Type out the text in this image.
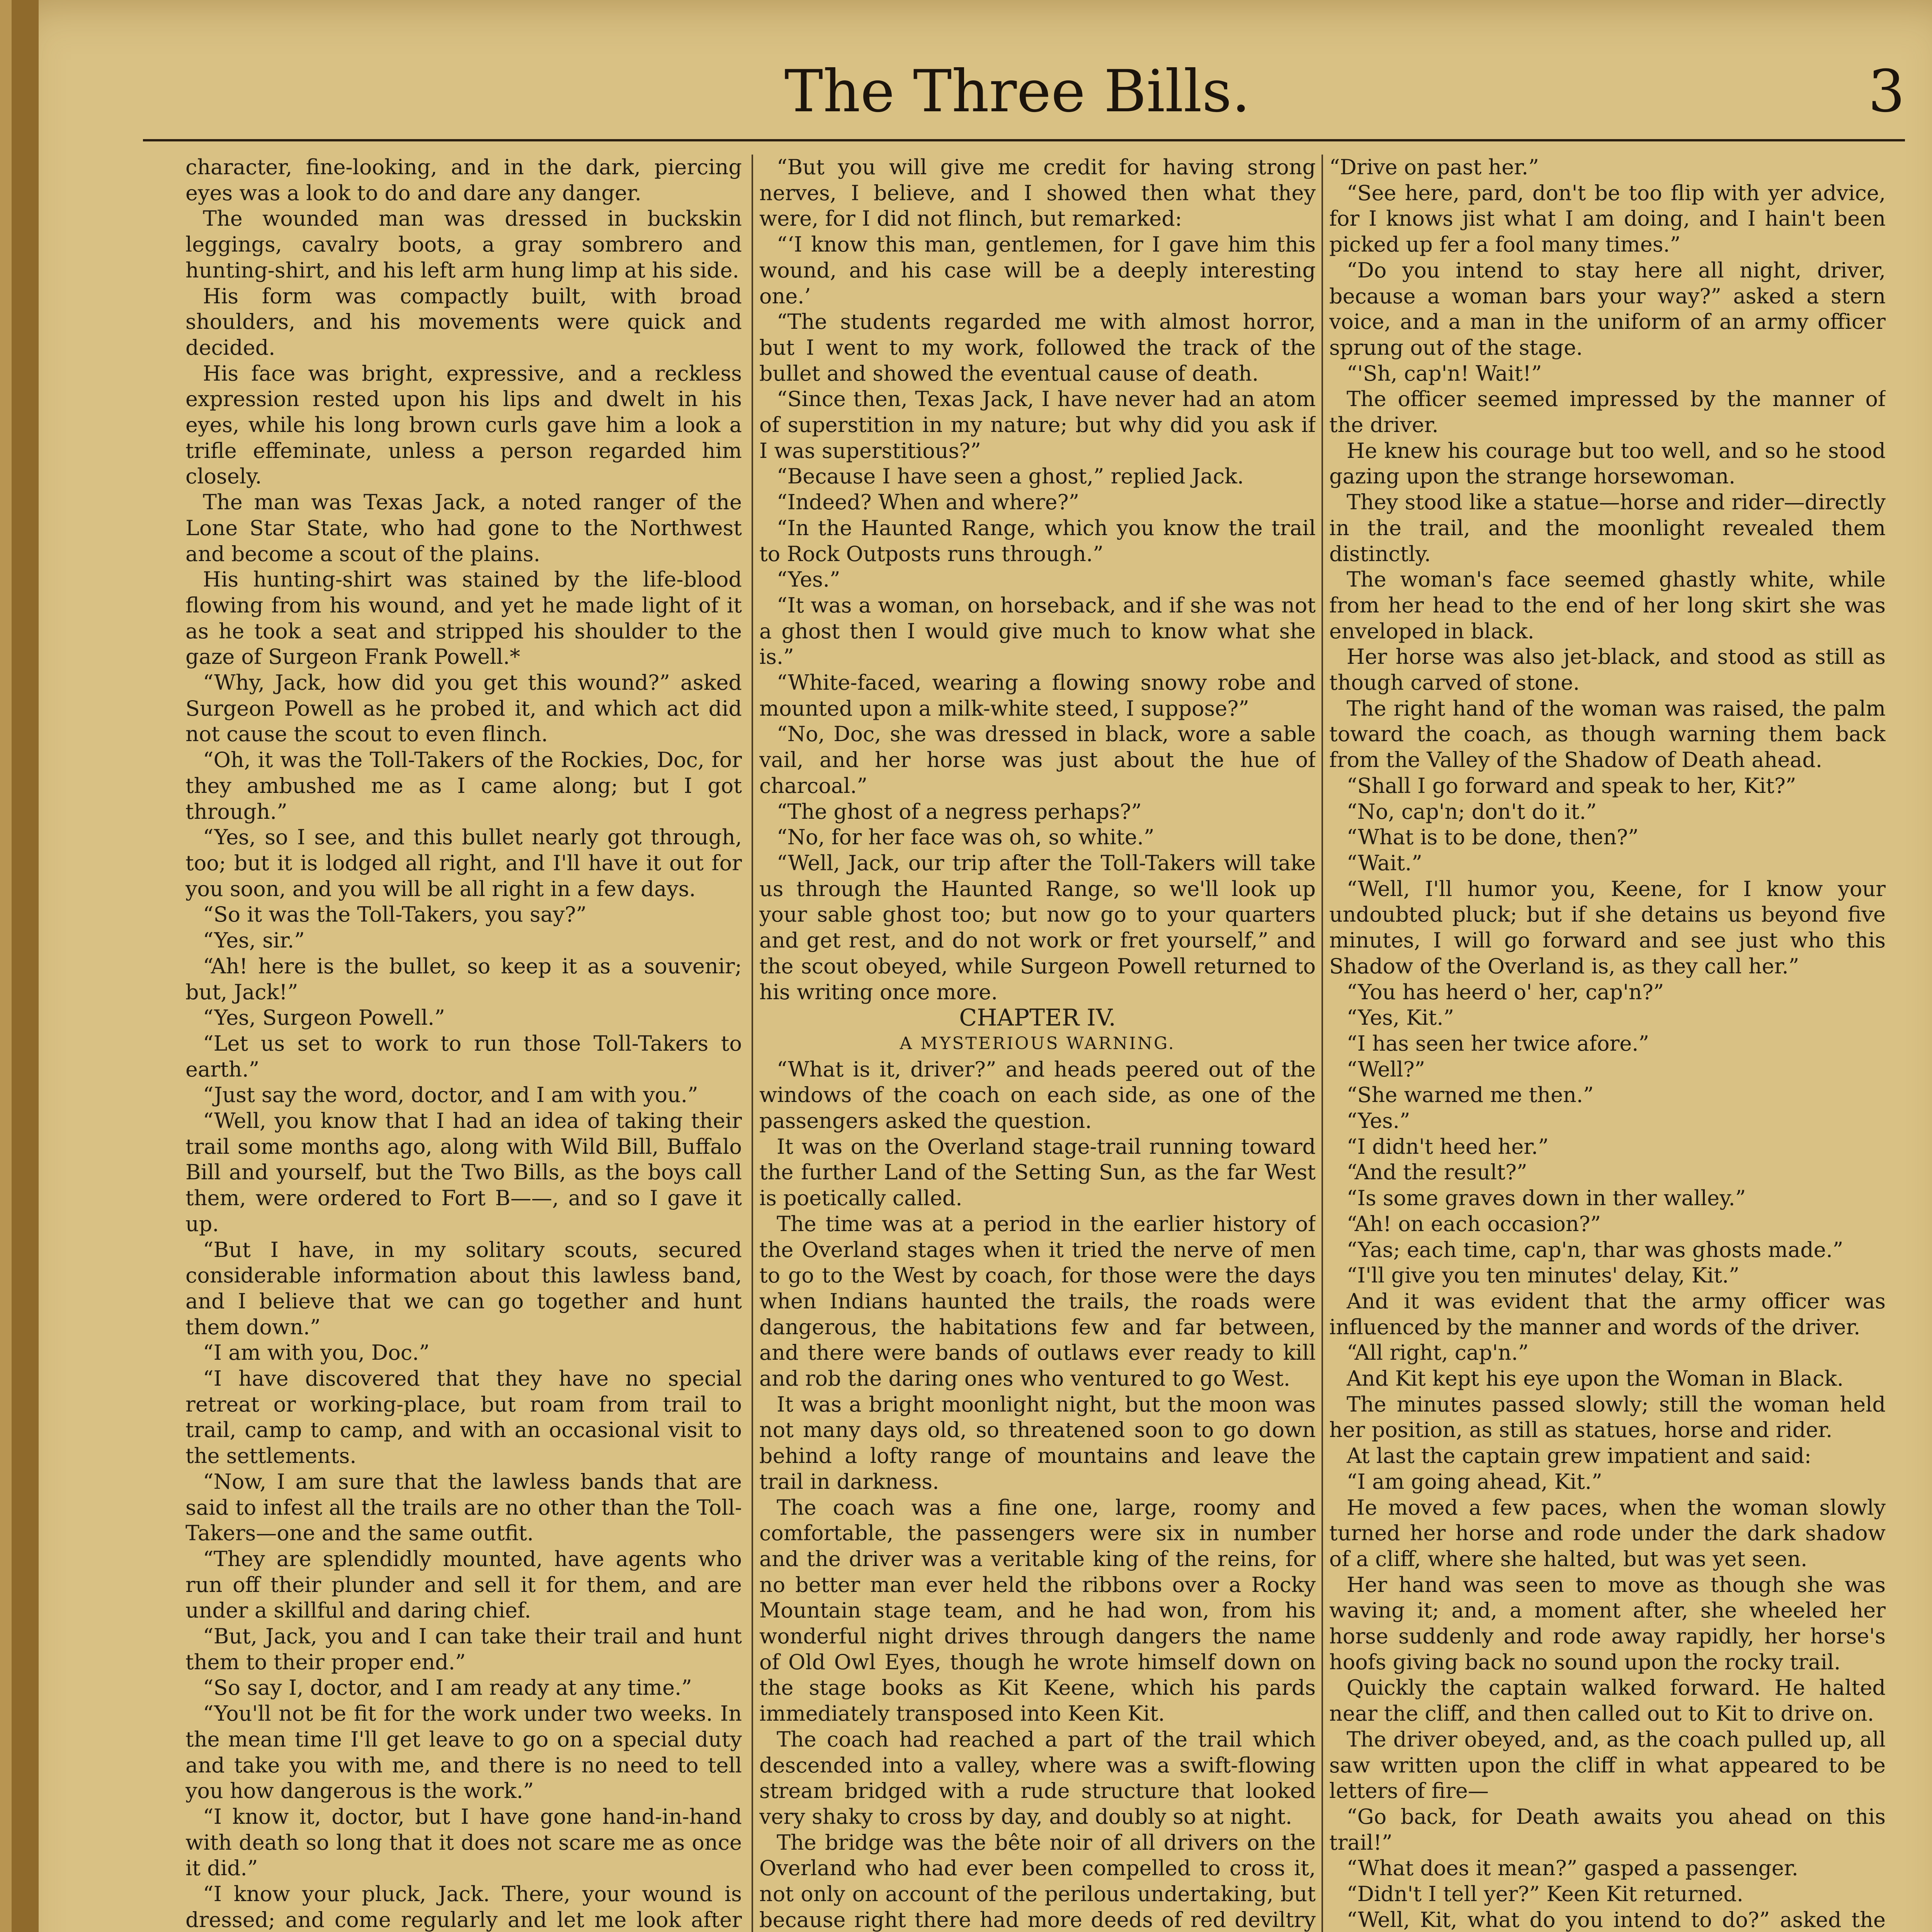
The Three Bills.	3

character, fine-looking, and in the dark, piercing eyes was a look to do and dare any danger.

The wounded man was dressed in buckskin leggings, cavalry boots, a gray sombrero and hunting-shirt, and his left arm hung limp at his side.

His form was compactly built, with broad shoulders, and his movements were quick and decided.

His face was bright, expressive, and a reckless expression rested upon his lips and dwelt in his eyes, while his long brown curls gave him a look a trifle effeminate, unless a person regarded him closely.

The man was Texas Jack, a noted ranger of the Lone Star State, who had gone to the Northwest and become a scout of the plains.

His hunting-shirt was stained by the life-blood flowing from his wound, and yet he made light of it as he took a seat and stripped his shoulder to the gaze of Surgeon Frank Powell.*

“Why, Jack, how did you get this wound?” asked Surgeon Powell as he probed it, and which act did not cause the scout to even flinch.

“Oh, it was the Toll-Takers of the Rockies, Doc, for they ambushed me as I came along; but I got through.”

“Yes, so I see, and this bullet nearly got through, too; but it is lodged all right, and I'll have it out for you soon, and you will be all right in a few days.

“So it was the Toll-Takers, you say?”

“Yes, sir.”

“Ah! here is the bullet, so keep it as a souvenir; but, Jack!”

“Yes, Surgeon Powell.”

“Let us set to work to run those Toll-Takers to earth.”

“Just say the word, doctor, and I am with you.”

“Well, you know that I had an idea of taking their trail some months ago, along with Wild Bill, Buffalo Bill and yourself, but the Two Bills, as the boys call them, were ordered to Fort B——, and so I gave it up.

“But I have, in my solitary scouts, secured considerable information about this lawless band, and I believe that we can go together and hunt them down.”

“I am with you, Doc.”

“I have discovered that they have no special retreat or working-place, but roam from trail to trail, camp to camp, and with an occasional visit to the settlements.

“Now, I am sure that the lawless bands that are said to infest all the trails are no other than the Toll-Takers—one and the same outfit.

“They are splendidly mounted, have agents who run off their plunder and sell it for them, and are under a skillful and daring chief.

“But, Jack, you and I can take their trail and hunt them to their proper end.”

“So say I, doctor, and I am ready at any time.”

“You'll not be fit for the work under two weeks. In the mean time I'll get leave to go on a special duty and take you with me, and there is no need to tell you how dangerous is the work.”

“I know it, doctor, but I have gone hand-in-hand with death so long that it does not scare me as once it did.”

“I know your pluck, Jack. There, your wound is dressed; and come regularly and let me look after

“But you will give me credit for having strong nerves, I believe, and I showed then what they were, for I did not flinch, but remarked:

“‘I know this man, gentlemen, for I gave him this wound, and his case will be a deeply interesting one.’

“The students regarded me with almost horror, but I went to my work, followed the track of the bullet and showed the eventual cause of death.

“Since then, Texas Jack, I have never had an atom of superstition in my nature; but why did you ask if I was superstitious?”

“Because I have seen a ghost,” replied Jack.

“Indeed? When and where?”

“In the Haunted Range, which you know the trail to Rock Outposts runs through.”

“Yes.”

“It was a woman, on horseback, and if she was not a ghost then I would give much to know what she is.”

“White-faced, wearing a flowing snowy robe and mounted upon a milk-white steed, I suppose?”

“No, Doc, she was dressed in black, wore a sable vail, and her horse was just about the hue of charcoal.”

“The ghost of a negress perhaps?”

“No, for her face was oh, so white.”

“Well, Jack, our trip after the Toll-Takers will take us through the Haunted Range, so we'll look up your sable ghost too; but now go to your quarters and get rest, and do not work or fret yourself,” and the scout obeyed, while Surgeon Powell returned to his writing once more.

CHAPTER IV.

A MYSTERIOUS WARNING.

“What is it, driver?” and heads peered out of the windows of the coach on each side, as one of the passengers asked the question.

It was on the Overland stage-trail running toward the further Land of the Setting Sun, as the far West is poetically called.

The time was at a period in the earlier history of the Overland stages when it tried the nerve of men to go to the West by coach, for those were the days when Indians haunted the trails, the roads were dangerous, the habitations few and far between, and there were bands of outlaws ever ready to kill and rob the daring ones who ventured to go West.

It was a bright moonlight night, but the moon was not many days old, so threatened soon to go down behind a lofty range of mountains and leave the trail in darkness.

The coach was a fine one, large, roomy and comfortable, the passengers were six in number and the driver was a veritable king of the reins, for no better man ever held the ribbons over a Rocky Mountain stage team, and he had won, from his wonderful night drives through dangers the name of Old Owl Eyes, though he wrote himself down on the stage books as Kit Keene, which his pards immediately transposed into Keen Kit.

The coach had reached a part of the trail which descended into a valley, where was a swift-flowing stream bridged with a rude structure that looked very shaky to cross by day, and doubly so at night.

The bridge was the bête noir of all drivers on the Overland who had ever been compelled to cross it, not only on account of the perilous undertaking, but because right there had more deeds of red deviltry

“Drive on past her.”

“See here, pard, don't be too flip with yer advice, for I knows jist what I am doing, and I hain't been picked up fer a fool many times.”

“Do you intend to stay here all night, driver, because a woman bars your way?” asked a stern voice, and a man in the uniform of an army officer sprung out of the stage.

“'Sh, cap'n! Wait!”

The officer seemed impressed by the manner of the driver.

He knew his courage but too well, and so he stood gazing upon the strange horsewoman.

They stood like a statue—horse and rider—directly in the trail, and the moonlight revealed them distinctly.

The woman's face seemed ghastly white, while from her head to the end of her long skirt she was enveloped in black.

Her horse was also jet-black, and stood as still as though carved of stone.

The right hand of the woman was raised, the palm toward the coach, as though warning them back from the Valley of the Shadow of Death ahead.

“Shall I go forward and speak to her, Kit?”

“No, cap'n; don't do it.”

“What is to be done, then?”

“Wait.”

“Well, I'll humor you, Keene, for I know your undoubted pluck; but if she detains us beyond five minutes, I will go forward and see just who this Shadow of the Overland is, as they call her.”

“You has heerd o' her, cap'n?”

“Yes, Kit.”

“I has seen her twice afore.”

“Well?”

“She warned me then.”

“Yes.”

“I didn't heed her.”

“And the result?”

“Is some graves down in ther walley.”

“Ah! on each occasion?”

“Yas; each time, cap'n, thar was ghosts made.”

“I'll give you ten minutes' delay, Kit.”

And it was evident that the army officer was influenced by the manner and words of the driver.

“All right, cap'n.”

And Kit kept his eye upon the Woman in Black.

The minutes passed slowly; still the woman held her position, as still as statues, horse and rider.

At last the captain grew impatient and said:

“I am going ahead, Kit.”

He moved a few paces, when the woman slowly turned her horse and rode under the dark shadow of a cliff, where she halted, but was yet seen.

Her hand was seen to move as though she was waving it; and, a moment after, she wheeled her horse suddenly and rode away rapidly, her horse's hoofs giving back no sound upon the rocky trail.

Quickly the captain walked forward. He halted near the cliff, and then called out to Kit to drive on.

The driver obeyed, and, as the coach pulled up, all saw written upon the cliff in what appeared to be letters of fire—

“Go back, for Death awaits you ahead on this trail!”

“What does it mean?” gasped a passenger.

“Didn't I tell yer?” Keen Kit returned.

“Well, Kit, what do you intend to do?” asked the
